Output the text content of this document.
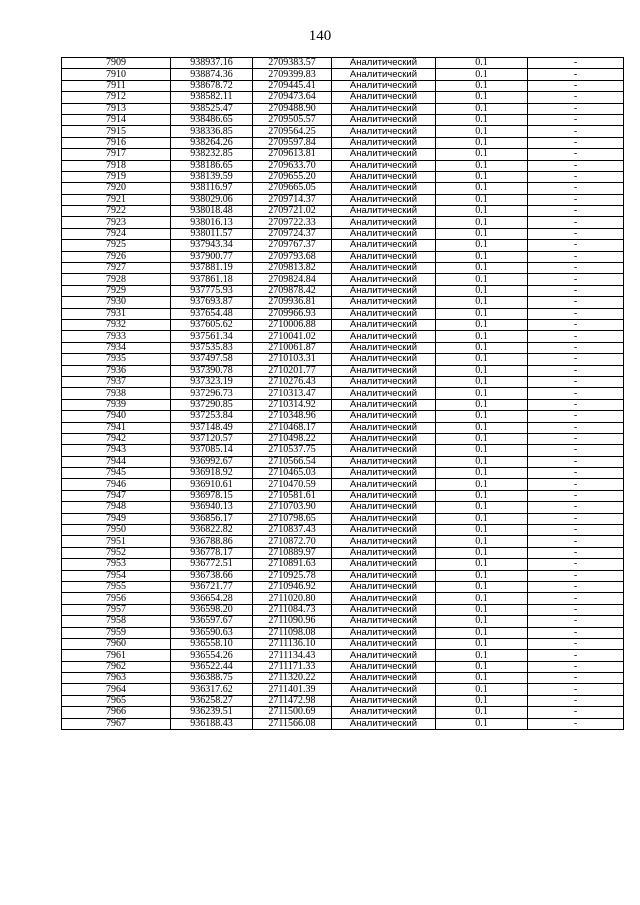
140
7909	938937.16	2709383.57	Аналитический	0.1	-
7910	938874.36	2709399.83	Аналитический	0.1	-
7911	938678.72	2709445.41	Аналитический	0.1	-
7912	938582.11	2709473.64	Аналитический	0.1	-
7913	938525.47	2709488.90	Аналитический	0.1	-
7914	938486.65	2709505.57	Аналитический	0.1	-
7915	938336.85	2709564.25	Аналитический	0.1	-
7916	938264.26	2709597.84	Аналитический	0.1	-
7917	938232.85	2709613.81	Аналитический	0.1	-
7918	938186.65	2709633.70	Аналитический	0.1	-
7919	938139.59	2709655.20	Аналитический	0.1	-
7920	938116.97	2709665.05	Аналитический	0.1	-
7921	938029.06	2709714.37	Аналитический	0.1	-
7922	938018.48	2709721.02	Аналитический	0.1	-
7923	938016.13	2709722.33	Аналитический	0.1	-
7924	938011.57	2709724.37	Аналитический	0.1	-
7925	937943.34	2709767.37	Аналитический	0.1	-
7926	937900.77	2709793.68	Аналитический	0.1	-
7927	937881.19	2709813.82	Аналитический	0.1	-
7928	937861.18	2709824.84	Аналитический	0.1	-
7929	937775.93	2709878.42	Аналитический	0.1	-
7930	937693.87	2709936.81	Аналитический	0.1	-
7931	937654.48	2709966.93	Аналитический	0.1	-
7932	937605.62	2710006.88	Аналитический	0.1	-
7933	937561.34	2710041.02	Аналитический	0.1	-
7934	937535.83	2710061.87	Аналитический	0.1	-
7935	937497.58	2710103.31	Аналитический	0.1	-
7936	937390.78	2710201.77	Аналитический	0.1	-
7937	937323.19	2710276.43	Аналитический	0.1	-
7938	937296.73	2710313.47	Аналитический	0.1	-
7939	937290.85	2710314.92	Аналитический	0.1	-
7940	937253.84	2710348.96	Аналитический	0.1	-
7941	937148.49	2710468.17	Аналитический	0.1	-
7942	937120.57	2710498.22	Аналитический	0.1	-
7943	937085.14	2710537.75	Аналитический	0.1	-
7944	936992.67	2710566.54	Аналитический	0.1	-
7945	936918.92	2710465.03	Аналитический	0.1	-
7946	936910.61	2710470.59	Аналитический	0.1	-
7947	936978.15	2710581.61	Аналитический	0.1	-
7948	936940.13	2710703.90	Аналитический	0.1	-
7949	936856.17	2710798.65	Аналитический	0.1	-
7950	936822.82	2710837.43	Аналитический	0.1	-
7951	936788.86	2710872.70	Аналитический	0.1	-
7952	936778.17	2710889.97	Аналитический	0.1	-
7953	936772.51	2710891.63	Аналитический	0.1	-
7954	936738.66	2710925.78	Аналитический	0.1	-
7955	936721.77	2710946.92	Аналитический	0.1	-
7956	936654.28	2711020.80	Аналитический	0.1	-
7957	936598.20	2711084.73	Аналитический	0.1	-
7958	936597.67	2711090.96	Аналитический	0.1	-
7959	936590.63	2711098.08	Аналитический	0.1	-
7960	936558.10	2711136.10	Аналитический	0.1	-
7961	936554.26	2711134.43	Аналитический	0.1	-
7962	936522.44	2711171.33	Аналитический	0.1	-
7963	936388.75	2711320.22	Аналитический	0.1	-
7964	936317.62	2711401.39	Аналитический	0.1	-
7965	936258.27	2711472.98	Аналитический	0.1	-
7966	936239.51	2711500.69	Аналитический	0.1	-
7967	936188.43	2711566.08	Аналитический	0.1	-
